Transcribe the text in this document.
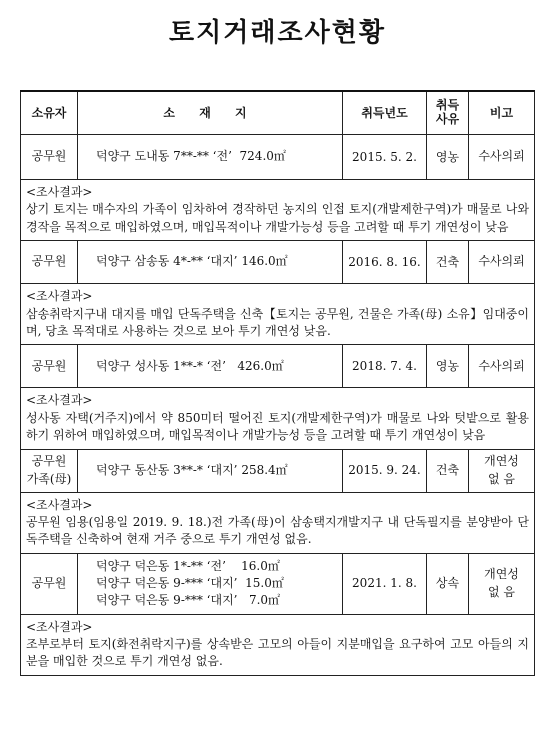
토지거래조사현황
소유자	소 재 지	취득년도	취득
사유	비고
공무원	덕양구 도내동 7**-** ‘전’  724.0㎡	2015. 5. 2.	영농	수사의뢰

<조사결과>
상기 토지는 매수자의 가족이 임차하여 경작하던 농지의 인접 토지(개발제한구역)가 매물로 나와 경작을 목적으로 매입하였으며, 매입목적이나 개발가능성 등을 고려할 때 투기 개연성이 낮음				
공무원	덕양구 삼송동 4*-** ‘대지’ 146.0㎡	2016. 8. 16.	건축	수사의뢰

<조사결과>
삼송취락지구내 대지를 매입 단독주택을 신축【토지는 공무원, 건물은 가족(母) 소유】임대중이며, 당초 목적대로 사용하는 것으로 보아 투기 개연성 낮음.				
공무원	덕양구 성사동 1**-* ‘전’   426.0㎡	2018. 7. 4.	영농	수사의뢰

<조사결과>
성사동 자택(거주지)에서 약 850미터 떨어진 토지(개발제한구역)가 매물로 나와 텃밭으로 활용하기 위하여 매입하였으며, 매입목적이나 개발가능성 등을 고려할 때 투기 개연성이 낮음				
공무원
가족(母)	덕양구 동산동 3**-* ‘대지’ 258.4㎡	2015. 9. 24.	건축	개연성
없 음

<조사결과>
공무원 임용(임용일 2019. 9. 18.)전 가족(母)이 삼송택지개발지구 내 단독필지를 분양받아 단독주택을 신축하여 현재 거주 중으로 투기 개연성 없음.				
공무원	덕양구 덕은동 1*-** ‘전’    16.0㎡
덕양구 덕은동 9-*** ‘대지’  15.0㎡
덕양구 덕은동 9-*** ‘대지’   7.0㎡	2021. 1. 8.	상속	개연성
없 음

<조사결과>
조부로부터 토지(화전취락지구)를 상속받은 고모의 아들이 지분매입을 요구하여 고모 아들의 지분을 매입한 것으로 투기 개연성 없음.				
